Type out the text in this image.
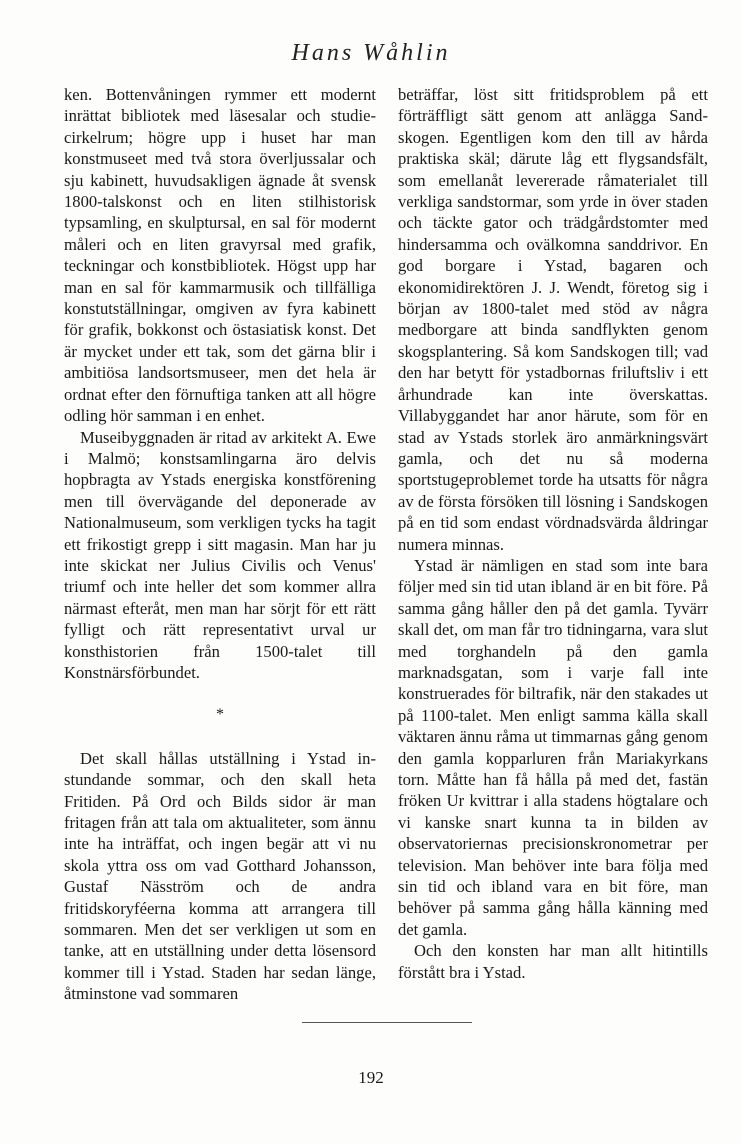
Hans Wåhlin

ken. Bottenvåningen rymmer ett modernt inrättat bibliotek med läsesalar och studiecirkelrum; högre upp i huset har man konstmuseet med två stora överljussalar och sju kabinett, huvudsakligen ägnade åt svensk 1800-talskonst och en liten stilhistorisk typsamling, en skulptursal, en sal för modernt måleri och en liten gravyrsal med grafik, teckningar och konstbibliotek. Högst upp har man en sal för kammarmusik och tillfälliga konstutställningar, omgiven av fyra kabinett för grafik, bokkonst och östasiatisk konst. Det är mycket under ett tak, som det gärna blir i ambitiösa landsortsmuseer, men det hela är ordnat efter den förnuftiga tanken att all högre odling hör samman i en enhet.

Museibyggnaden är ritad av arkitekt A. Ewe i Malmö; konstsamlingarna äro delvis hopbragta av Ystads energiska konstförening men till övervägande del deponerade av Nationalmuseum, som verkligen tycks ha tagit ett frikostigt grepp i sitt magasin. Man har ju inte skickat ner Julius Civilis och Venus' triumf och inte heller det som kommer allra närmast efteråt, men man har sörjt för ett rätt fylligt och rätt representativt urval ur konsthistorien från 1500-talet till Konstnärsförbundet.

*

Det skall hållas utställning i Ystad instundande sommar, och den skall heta Fritiden. På Ord och Bilds sidor är man fritagen från att tala om aktualiteter, som ännu inte ha inträffat, och ingen begär att vi nu skola yttra oss om vad Gotthard Johansson, Gustaf Näsström och de andra fritidskoryféerna komma att arrangera till sommaren. Men det ser verkligen ut som en tanke, att en utställning under detta lösensord kommer till i Ystad. Staden har sedan länge, åtminstone vad sommaren

beträffar, löst sitt fritidsproblem på ett förträffligt sätt genom att anlägga Sandskogen. Egentligen kom den till av hårda praktiska skäl; därute låg ett flygsandsfält, som emellanåt levererade råmaterialet till verkliga sandstormar, som yrde in över staden och täckte gator och trädgårdstomter med hindersamma och ovälkomna sanddrivor. En god borgare i Ystad, bagaren och ekonomidirektören J. J. Wendt, företog sig i början av 1800-talet med stöd av några medborgare att binda sandflykten genom skogsplantering. Så kom Sandskogen till; vad den har betytt för ystadbornas friluftsliv i ett århundrade kan inte överskattas. Villabyggandet har anor härute, som för en stad av Ystads storlek äro anmärkningsvärt gamla, och det nu så moderna sportstugeproblemet torde ha utsatts för några av de första försöken till lösning i Sandskogen på en tid som endast vördnadsvärda åldringar numera minnas.

Ystad är nämligen en stad som inte bara följer med sin tid utan ibland är en bit före. På samma gång håller den på det gamla. Tyvärr skall det, om man får tro tidningarna, vara slut med torghandeln på den gamla marknadsgatan, som i varje fall inte konstruerades för biltrafik, när den stakades ut på 1100-talet. Men enligt samma källa skall väktaren ännu råma ut timmarnas gång genom den gamla kopparluren från Mariakyrkans torn. Måtte han få hålla på med det, fastän fröken Ur kvittrar i alla stadens högtalare och vi kanske snart kunna ta in bilden av observatoriernas precisionskronometrar per television. Man behöver inte bara följa med sin tid och ibland vara en bit före, man behöver på samma gång hålla känning med det gamla.

Och den konsten har man allt hitintills förstått bra i Ystad.

192
